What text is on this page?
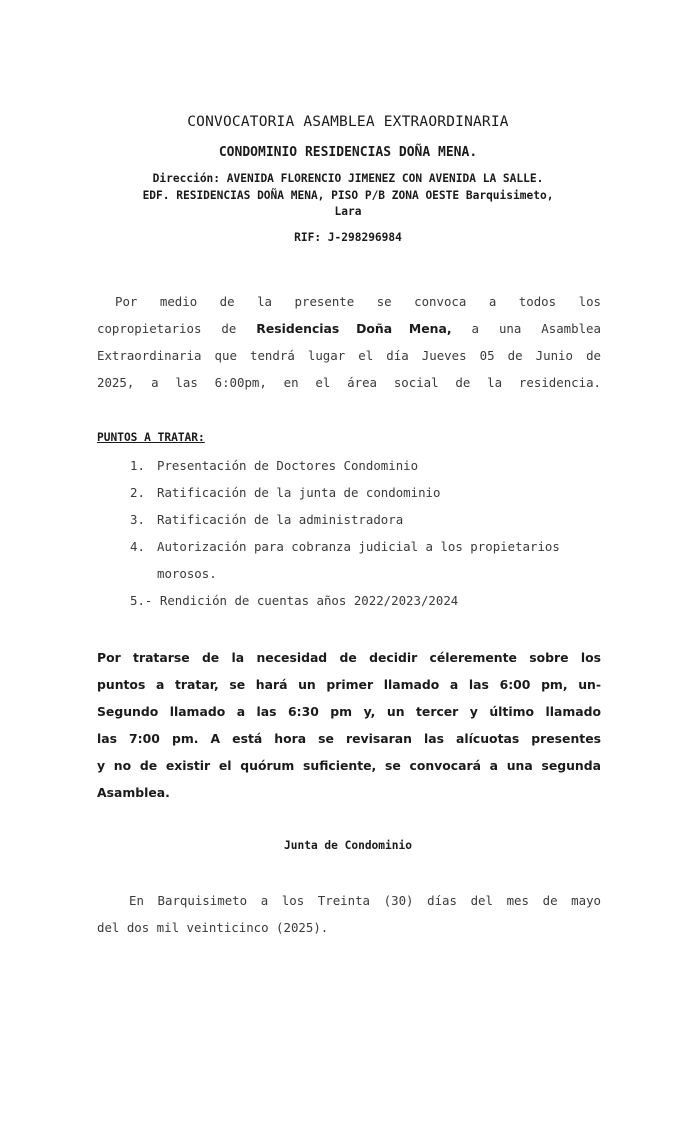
CONVOCATORIA ASAMBLEA EXTRAORDINARIA
CONDOMINIO RESIDENCIAS DOÑA MENA.
Dirección: AVENIDA FLORENCIO JIMENEZ CON AVENIDA LA SALLE.
EDF. RESIDENCIAS DOÑA MENA, PISO P/B ZONA OESTE Barquisimeto,
Lara
RIF: J-298296984
Por medio de la presente se convoca a todos los
copropietarios de Residencias Doña Mena, a una Asamblea
Extraordinaria que tendrá lugar el día Jueves 05 de Junio de
2025, a las 6:00pm, en el área social de la residencia.
PUNTOS A TRATAR:
1. Presentación de Doctores Condominio
2. Ratificación de la junta de condominio
3. Ratificación de la administradora
4. Autorización para cobranza judicial a los propietarios
morosos.
5.- Rendición de cuentas años 2022/2023/2024
Por tratarse de la necesidad de decidir céleremente sobre los
puntos a tratar, se hará un primer llamado a las 6:00 pm, un-
Segundo llamado a las 6:30 pm y, un tercer y último llamado
las 7:00 pm. A está hora se revisaran las alícuotas presentes
y no de existir el quórum suficiente, se convocará a una segunda
Asamblea.
Junta de Condominio
En Barquisimeto a los Treinta (30) días del mes de mayo
del dos mil veinticinco (2025).
